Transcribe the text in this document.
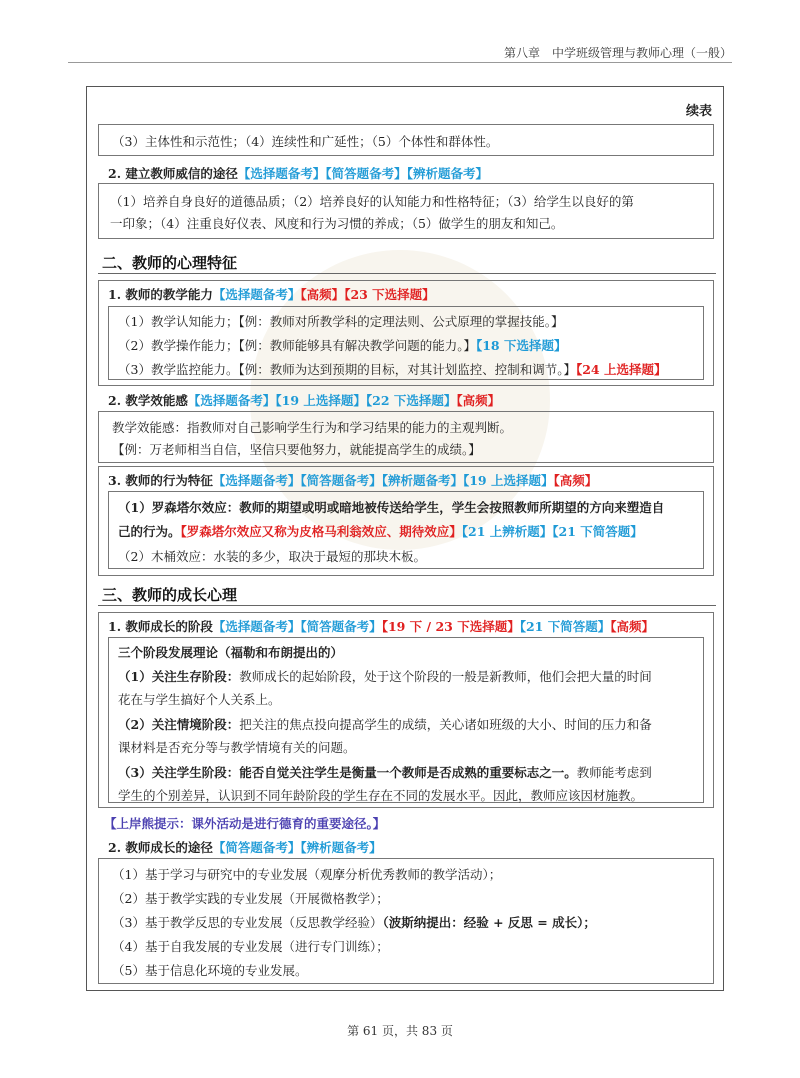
第八章　中学班级管理与教师心理（一般）
续表
（3）主体性和示范性；（4）连续性和广延性；（5）个体性和群体性。
2. 建立教师威信的途径【选择题备考】【简答题备考】【辨析题备考】
（1）培养自身良好的道德品质；（2）培养良好的认知能力和性格特征；（3）给学生以良好的第
一印象；（4）注重良好仪表、风度和行为习惯的养成；（5）做学生的朋友和知己。
二、教师的心理特征
1. 教师的教学能力【选择题备考】【高频】【23 下选择题】
（1）教学认知能力；【例：教师对所教学科的定理法则、公式原理的掌握技能。】
（2）教学操作能力；【例：教师能够具有解决教学问题的能力。】【18 下选择题】
（3）教学监控能力。【例：教师为达到预期的目标，对其计划监控、控制和调节。】【24 上选择题】
2. 教学效能感【选择题备考】【19 上选择题】【22 下选择题】【高频】
教学效能感：指教师对自己影响学生行为和学习结果的能力的主观判断。
【例：万老师相当自信，坚信只要他努力，就能提高学生的成绩。】
3. 教师的行为特征【选择题备考】【简答题备考】【辨析题备考】【19 上选择题】【高频】
（1）罗森塔尔效应：教师的期望或明或暗地被传送给学生，学生会按照教师所期望的方向来塑造自
己的行为。【罗森塔尔效应又称为皮格马利翁效应、期待效应】【21 上辨析题】【21 下简答题】
（2）木桶效应：水装的多少，取决于最短的那块木板。
三、教师的成长心理
1. 教师成长的阶段【选择题备考】【简答题备考】【19 下 / 23 下选择题】【21 下简答题】【高频】
三个阶段发展理论（福勒和布朗提出的）
（1）关注生存阶段：教师成长的起始阶段，处于这个阶段的一般是新教师，他们会把大量的时间
花在与学生搞好个人关系上。
（2）关注情境阶段：把关注的焦点投向提高学生的成绩，关心诸如班级的大小、时间的压力和备
课材料是否充分等与教学情境有关的问题。
（3）关注学生阶段：能否自觉关注学生是衡量一个教师是否成熟的重要标志之一。教师能考虑到
学生的个别差异，认识到不同年龄阶段的学生存在不同的发展水平。因此，教师应该因材施教。
【上岸熊提示：课外活动是进行德育的重要途径。】
2. 教师成长的途径【简答题备考】【辨析题备考】
（1）基于学习与研究中的专业发展（观摩分析优秀教师的教学活动）；
（2）基于教学实践的专业发展（开展微格教学）；
（3）基于教学反思的专业发展（反思教学经验）（波斯纳提出：经验 + 反思 = 成长）；
（4）基于自我发展的专业发展（进行专门训练）；
（5）基于信息化环境的专业发展。
第 61 页，共 83 页
